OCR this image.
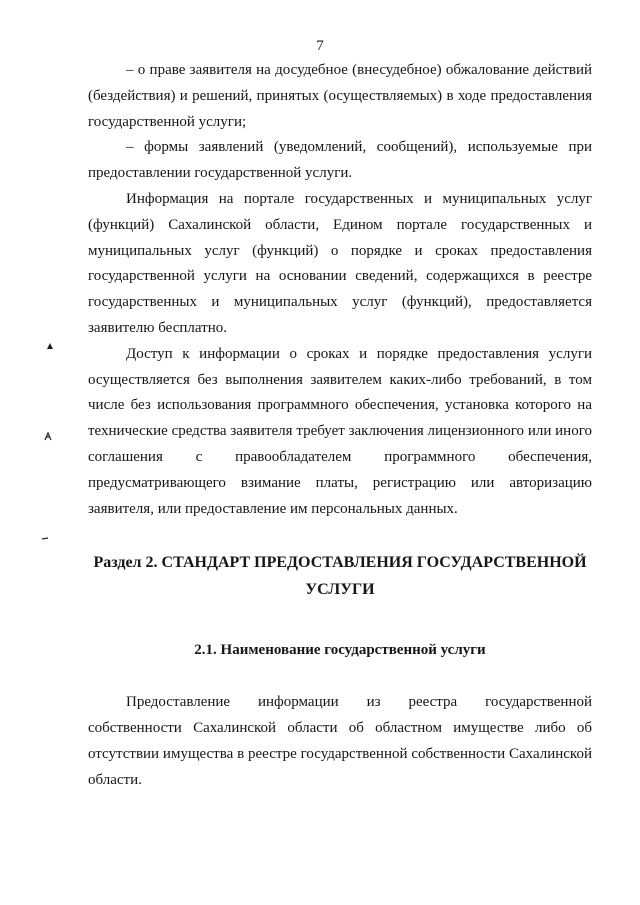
7

– о праве заявителя на досудебное (внесудебное) обжалование действий (бездействия) и решений, принятых (осуществляемых) в ходе предоставления государственной услуги;

– формы заявлений (уведомлений, сообщений), используемые при предоставлении государственной услуги.

Информация на портале государственных и муниципальных услуг (функций) Сахалинской области, Едином портале государственных и муниципальных услуг (функций) о порядке и сроках предоставления государственной услуги на основании сведений, содержащихся в реестре государственных и муниципальных услуг (функций), предоставляется заявителю бесплатно.

Доступ к информации о сроках и порядке предоставления услуги осуществляется без выполнения заявителем каких-либо требований, в том числе без использования программного обеспечения, установка которого на технические средства заявителя требует заключения лицензионного или иного соглашения с правообладателем программного обеспечения, предусматривающего взимание платы, регистрацию или авторизацию заявителя, или предоставление им персональных данных.

Раздел 2. СТАНДАРТ ПРЕДОСТАВЛЕНИЯ ГОСУДАРСТВЕННОЙ УСЛУГИ
2.1. Наименование государственной услуги

Предоставление информации из реестра государственной собственности Сахалинской области об областном имуществе либо об отсутствии имущества в реестре государственной собственности Сахалинской области.
